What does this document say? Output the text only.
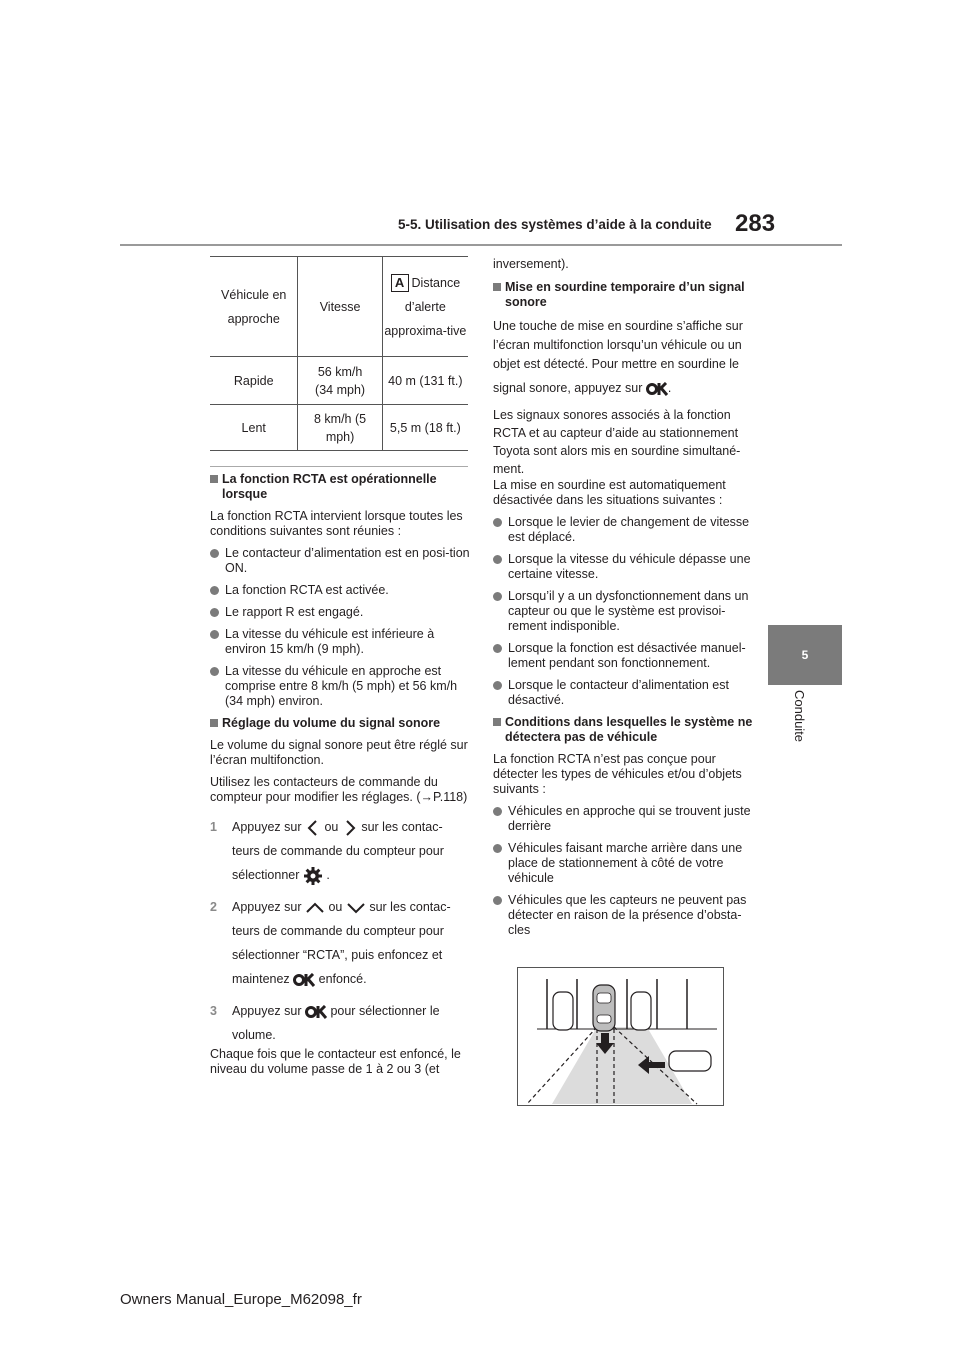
5-5. Utilisation des systèmes d’aide à la conduite 283
5
Conduite
Véhicule en approche	Vitesse	A Distance d’alerte approxima-tive

Rapide	56 km/h (34 mph)	40 m (131 ft.)
Lent	8 km/h (5 mph)	5,5 m (18 ft.)

La fonction RCTA est opérationnelle lorsque

La fonction RCTA intervient lorsque toutes les conditions suivantes sont réunies :

Le contacteur d’alimentation est en posi-tion ON.

La fonction RCTA est activée.

Le rapport R est engagé.

La vitesse du véhicule est inférieure à environ 15 km/h (9 mph).

La vitesse du véhicule en approche est comprise entre 8 km/h (5 mph) et 56 km/h (34 mph) environ.

Réglage du volume du signal sonore

Le volume du signal sonore peut être réglé sur l’écran multifonction.

Utilisez les contacteurs de commande du compteur pour modifier les réglages. (→P.118)

1 Appuyez sur ou sur les contac-
teurs de commande du compteur pour
sélectionner .
2 Appuyez sur ou sur les contac-
teurs de commande du compteur pour
sélectionner “RCTA”, puis enfoncez et
maintenez enfoncé.
3 Appuyez sur pour sélectionner le
volume.

Chaque fois que le contacteur est enfoncé, le niveau du volume passe de 1 à 2 ou 3 (et

inversement).

Mise en sourdine temporaire d’un signal sonore

Une touche de mise en sourdine s’affiche sur
l’écran multifonction lorsqu’un véhicule ou un
objet est détecté. Pour mettre en sourdine le
signal sonore, appuyez sur .

Les signaux sonores associés à la fonction RCTA et au capteur d’aide au stationnement Toyota sont alors mis en sourdine simultané-ment.

La mise en sourdine est automatiquement désactivée dans les situations suivantes :

Lorsque le levier de changement de vitesse est déplacé.

Lorsque la vitesse du véhicule dépasse une certaine vitesse.

Lorsqu’il y a un dysfonctionnement dans un capteur ou que le système est provisoi-rement indisponible.

Lorsque la fonction est désactivée manuel-lement pendant son fonctionnement.

Lorsque le contacteur d’alimentation est désactivé.

Conditions dans lesquelles le système ne détectera pas de véhicule

La fonction RCTA n’est pas conçue pour détecter les types de véhicules et/ou d’objets suivants :

Véhicules en approche qui se trouvent juste derrière

Véhicules faisant marche arrière dans une place de stationnement à côté de votre véhicule

Véhicules que les capteurs ne peuvent pas détecter en raison de la présence d’obsta-cles

Owners Manual_Europe_M62098_fr
